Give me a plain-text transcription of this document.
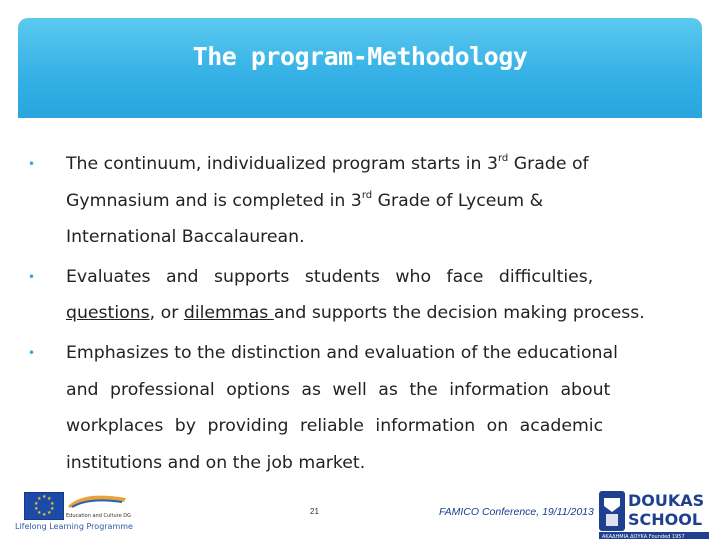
The program-Methodology
• The continuum, individualized program starts in 3rd Grade of
Gymnasium and is completed in 3rd Grade of Lyceum &
International Baccalaurean.
• Evaluates and supports students who face difficulties,
questions, or dilemmas and supports the decision making process.
• Emphasizes to the distinction and evaluation of the educational
and professional options as well as the information about
workplaces by providing reliable information on academic
institutions and on the job market.
★ ★
★
★
★
★
★
★
★
★
Education and Culture DG
Lifelong Learning Programme
21	FAMICO Conference, 19/11/2013
DOUKAS
SCHOOL
ΑΚΑΔΗΜΙΑ ΔΟΥΚΑ Founded 1957
